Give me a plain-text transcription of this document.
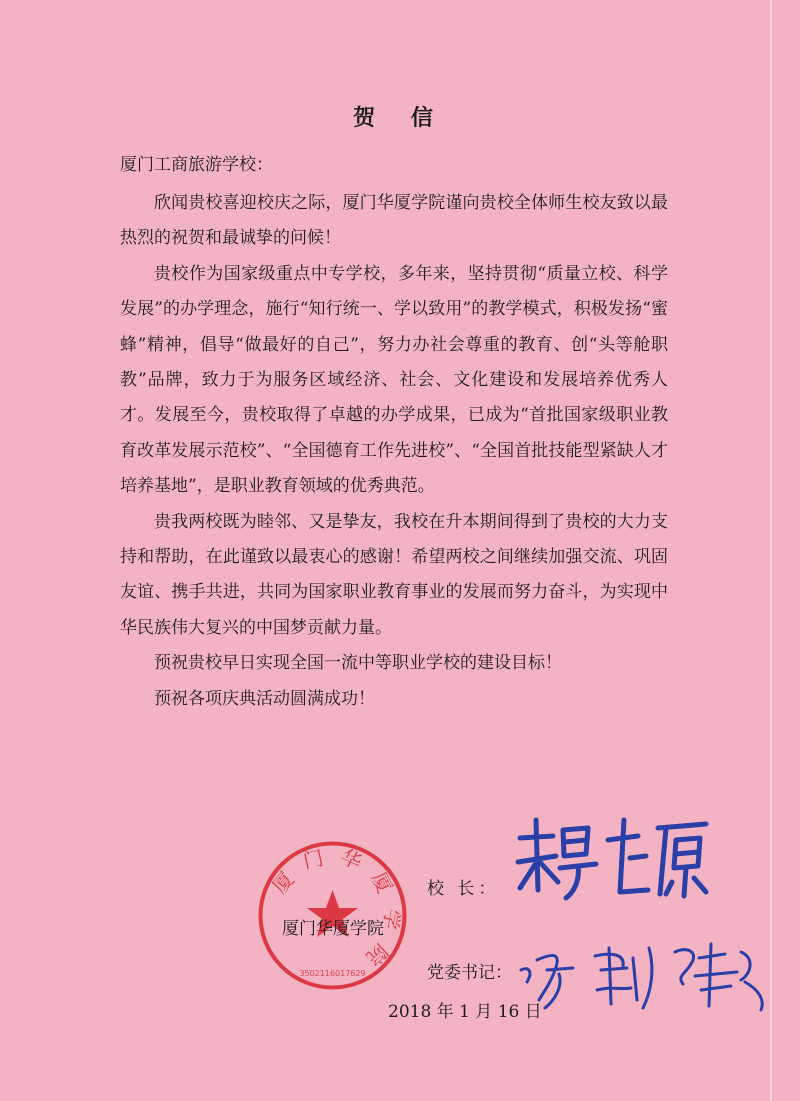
贺 信
厦门工商旅游学校：

欣闻贵校喜迎校庆之际，厦门华厦学院谨向贵校全体师生校友致以最热烈的祝贺和最诚挚的问候！

贵校作为国家级重点中专学校，多年来，坚持贯彻“质量立校、科学发展”的办学理念，施行“知行统一、学以致用”的教学模式，积极发扬“蜜蜂”精神，倡导“做最好的自己”，努力办社会尊重的教育、创“头等舱职教”品牌，致力于为服务区域经济、社会、文化建设和发展培养优秀人才。发展至今，贵校取得了卓越的办学成果，已成为“首批国家级职业教育改革发展示范校”、“全国德育工作先进校”、“全国首批技能型紧缺人才培养基地”，是职业教育领域的优秀典范。

贵我两校既为睦邻、又是挚友，我校在升本期间得到了贵校的大力支持和帮助，在此谨致以最衷心的感谢！希望两校之间继续加强交流、巩固友谊、携手共进，共同为国家职业教育事业的发展而努力奋斗，为实现中华民族伟大复兴的中国梦贡献力量。

预祝贵校早日实现全国一流中等职业学校的建设目标！

预祝各项庆典活动圆满成功！

厦门华厦学院
3502116017629
厦门华厦学院
校 长：
党委书记：
2018 年 1 月 16 日
